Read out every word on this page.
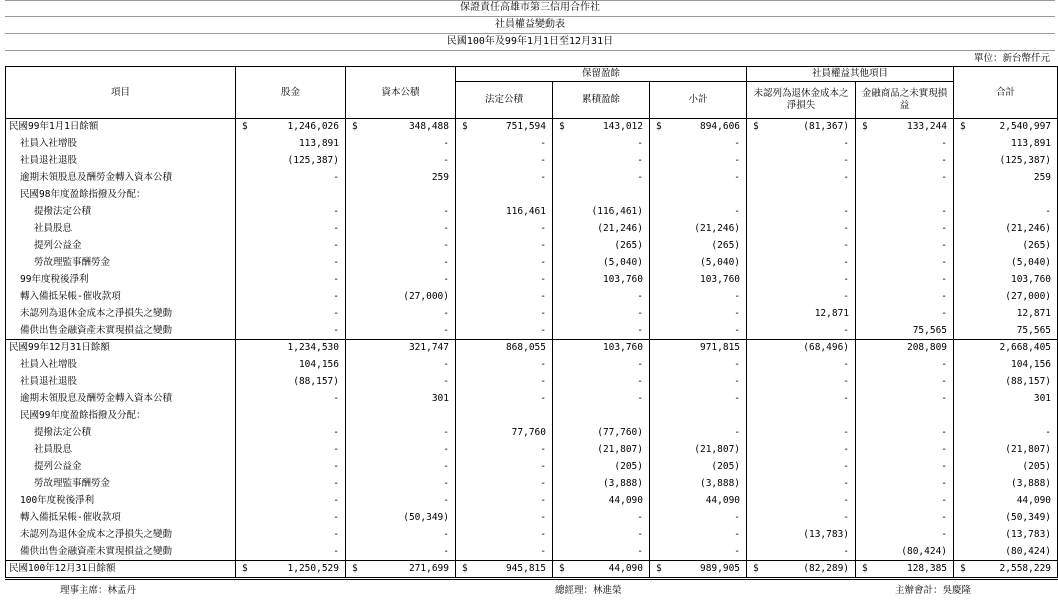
保證責任高雄市第三信用合作社
社員權益變動表
民國100年及99年1月1日至12月31日
單位：新台幣仟元
項目	股金	資本公積	保留盈餘			社員權益其他項目		合計
			法定公積	累積盈餘	小計	未認列為退休金成本之淨損失	金融商品之未實現損益	
民國99年1月1日餘額	$ 1,246,026	$ 348,488	$ 751,594	$ 143,012	$ 894,606	$ (81,367)	$ 133,244	$ 2,540,997
社員入社增股	113,891	-	-	-	-	-	-	113,891
社員退社退股	(125,387)	-	-	-	-	-	-	(125,387)
逾期未領股息及酬勞金轉入資本公積	-	259	-	-	-	-	-	259
民國98年度盈餘指撥及分配：								
提撥法定公積	-	-	116,461	(116,461)	-	-	-	-
社員股息	-	-	-	(21,246)	(21,246)	-	-	(21,246)
提列公益金	-	-	-	(265)	(265)	-	-	(265)
勞故理監事酬勞金	-	-	-	(5,040)	(5,040)	-	-	(5,040)
99年度稅後淨利	-	-	-	103,760	103,760	-	-	103,760
轉入備抵呆帳-催收款項	-	(27,000)	-	-	-	-	-	(27,000)
未認列為退休金成本之淨損失之變動	-	-	-	-	-	12,871	-	12,871
備供出售金融資產未實現損益之變動	-	-	-	-	-	-	75,565	75,565
民國99年12月31日餘額	1,234,530	321,747	868,055	103,760	971,815	(68,496)	208,809	2,668,405
社員入社增股	104,156	-	-	-	-	-	-	104,156
社員退社退股	(88,157)	-	-	-	-	-	-	(88,157)
逾期未領股息及酬勞金轉入資本公積	-	301	-	-	-	-	-	301
民國99年度盈餘指撥及分配：								
提撥法定公積	-	-	77,760	(77,760)	-	-	-	-
社員股息	-	-	-	(21,807)	(21,807)	-	-	(21,807)
提列公益金	-	-	-	(205)	(205)	-	-	(205)
勞故理監事酬勞金	-	-	-	(3,888)	(3,888)	-	-	(3,888)
100年度稅後淨利	-	-	-	44,090	44,090	-	-	44,090
轉入備抵呆帳-催收款項	-	(50,349)	-	-	-	-	-	(50,349)
未認列為退休金成本之淨損失之變動	-	-	-	-	-	(13,783)	-	(13,783)
備供出售金融資產未實現損益之變動	-	-	-	-	-	-	(80,424)	(80,424)
民國100年12月31日餘額	$ 1,250,529	$ 271,699	$ 945,815	$ 44,090	$ 989,905	$ (82,289)	$ 128,385	$ 2,558,229
理事主席：林孟丹	總經理：林進榮	主辦會計：吳慶隆
